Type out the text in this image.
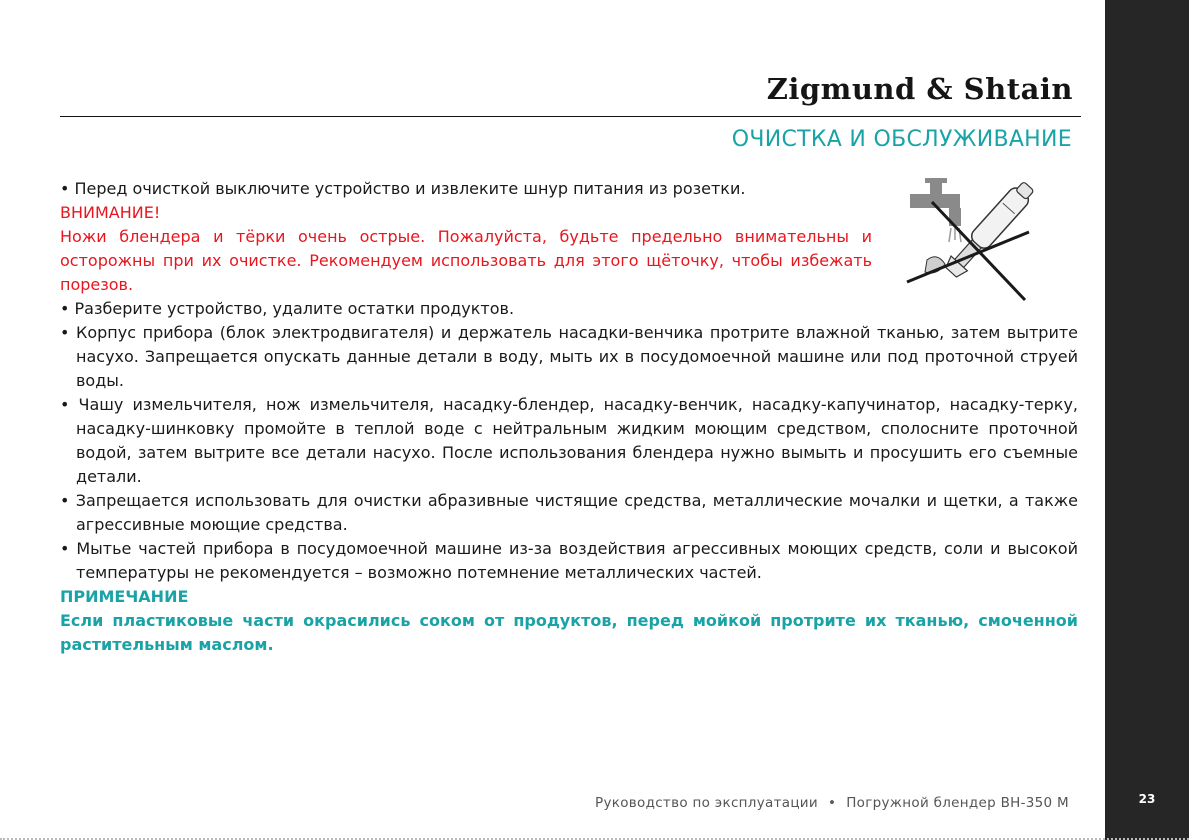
23
Zigmund & Shtain
ОЧИСТКА И ОБСЛУЖИВАНИЕ

• Перед очисткой выключите устройство и извлеките шнур питания из розетки.

ВНИМАНИЕ!

Ножи блендера и тёрки очень острые. Пожалуйста, будьте предельно внимательны и осторожны при их очистке. Рекомендуем использовать для этого щёточку, чтобы избежать порезов.

• Разберите устройство, удалите остатки продуктов.

• Корпус прибора (блок электродвигателя) и держатель насадки-венчика протрите влажной тканью, затем вытрите насухо. Запрещается опускать данные детали в воду, мыть их в посудомоечной машине или под проточной струей воды.

• Чашу измельчителя, нож измельчителя, насадку-блендер, насадку-венчик, насадку-капучинатор, насадку-терку, насадку-шинковку промойте в теплой воде с нейтральным жидким моющим средством, сполосните проточной водой, затем вытрите все детали насухо. После использования блендера нужно вымыть и просушить его съемные детали.

• Запрещается использовать для очистки абразивные чистящие средства, металлические мочалки и щетки, а также агрессивные моющие средства.

• Мытье частей прибора в посудомоечной машине из-за воздействия агрессивных моющих средств, соли и высокой температуры не рекомендуется – возможно потемнение металлических частей.

ПРИМЕЧАНИЕ

Если пластиковые части окрасились соком от продуктов, перед мойкой протрите их тканью, смоченной растительным маслом.

Руководство по эксплуатации • Погружной блендер BH-350 M
